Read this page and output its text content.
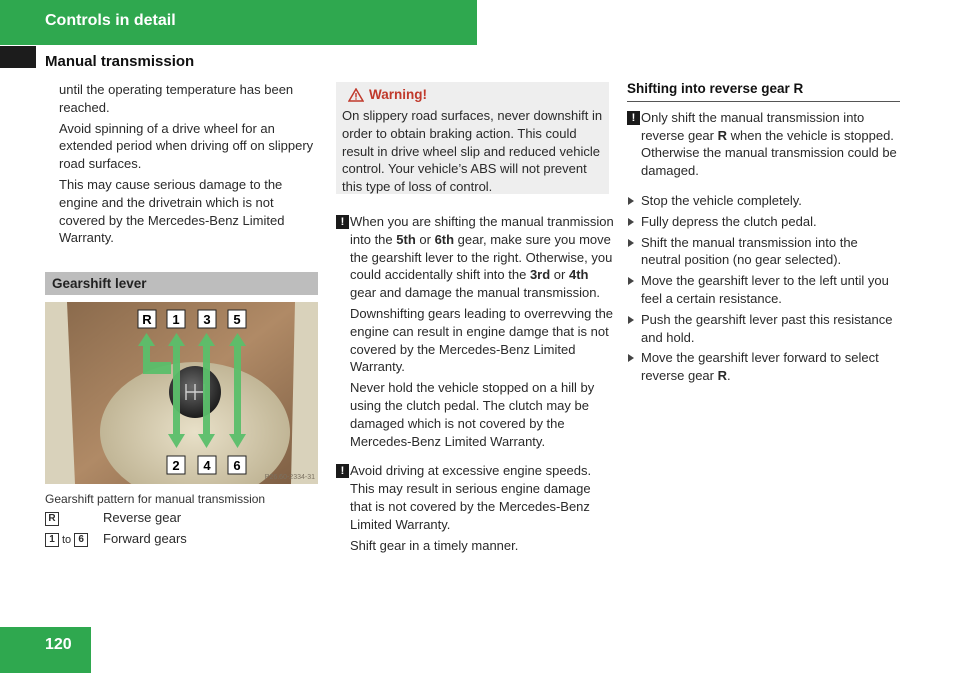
Controls in detail
Manual transmission

until the operating temperature has been reached.

Avoid spinning of a drive wheel for an extended period when driving off on slippery road surfaces.

This may cause serious damage to the engine and the drivetrain which is not covered by the Mercedes-Benz Limited Warranty.

Gearshift lever
R 1 3 5
2 4 6
P26.60-2334-31
Gearshift pattern for manual transmission
R	Reverse gear
1 to 6 Forward gears
Warning!
On slippery road surfaces, never downshift in order to obtain braking action. This could result in drive wheel slip and reduced vehicle control. Your vehicle’s ABS will not prevent this type of loss of control.
! When you are shifting the manual tranmission into the 5th or 6th gear, make sure you move the gearshift lever to the right. Otherwise, you could accidentally shift into the 3rd or 4th gear and damage the manual transmission.

Downshifting gears leading to overrevving the engine can result in engine damge that is not covered by the Mercedes-Benz Limited Warranty.

Never hold the vehicle stopped on a hill by using the clutch pedal. The clutch may be damaged which is not covered by the Mercedes-Benz Limited Warranty.

! Avoid driving at excessive engine speeds. This may result in serious engine damage that is not covered by the Mercedes-Benz Limited Warranty.

Shift gear in a timely manner.

Shifting into reverse gear R
! Only shift the manual transmission into reverse gear R when the vehicle is stopped. Otherwise the manual transmission could be damaged.

Stop the vehicle completely.
Fully depress the clutch pedal.
Shift the manual transmission into the neutral position (no gear selected).
Move the gearshift lever to the left until you feel a certain resistance.
Push the gearshift lever past this resistance and hold.
Move the gearshift lever forward to select reverse gear R.
120
